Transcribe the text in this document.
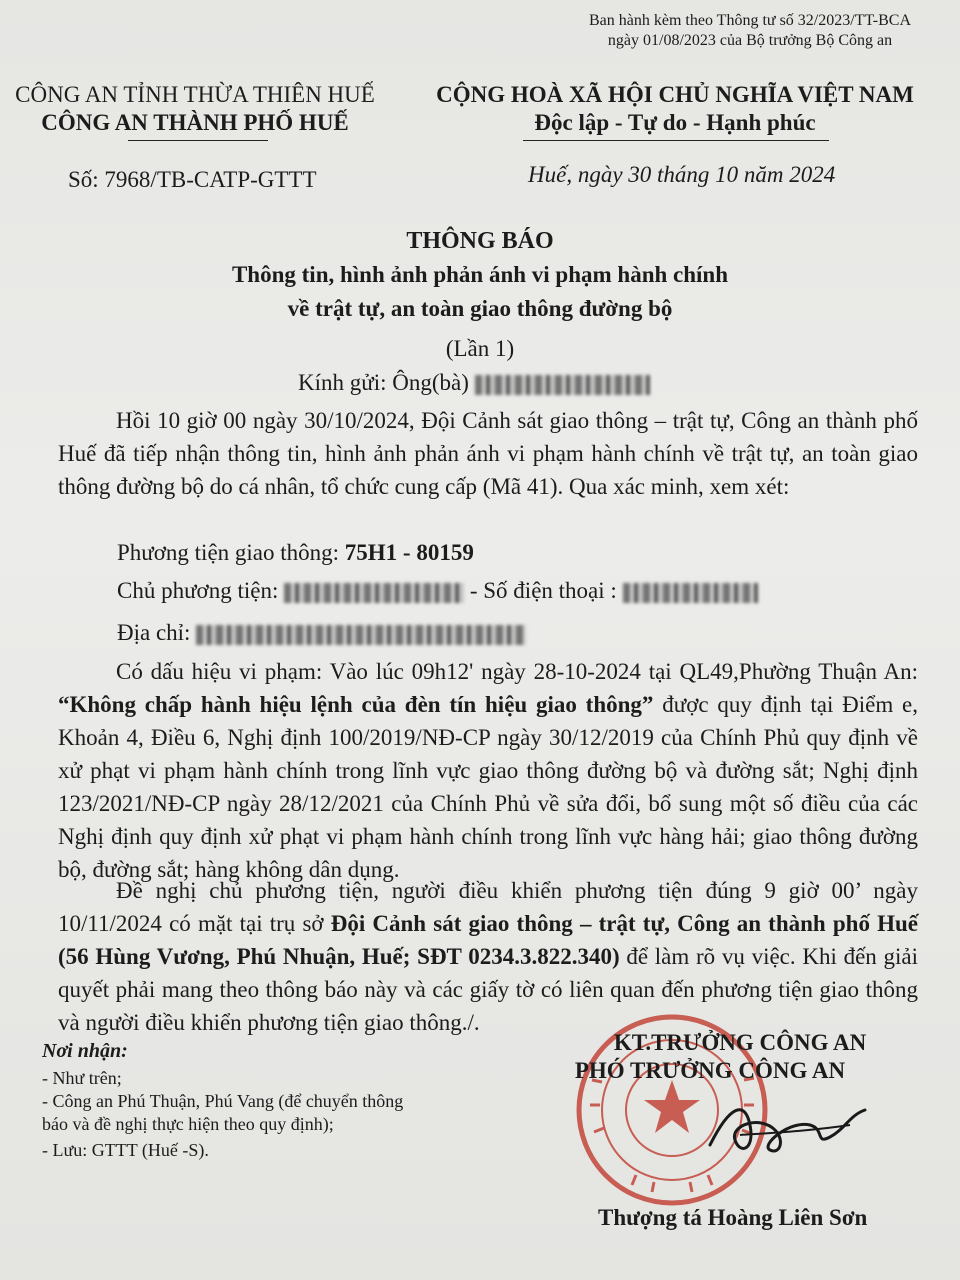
Ban hành kèm theo Thông tư số 32/2023/TT-BCA
ngày 01/08/2023 của Bộ trưởng Bộ Công an
CÔNG AN TỈNH THỪA THIÊN HUẾ
CÔNG AN THÀNH PHỐ HUẾ
Số: 7968/TB-CATP-GTTT
CỘNG HOÀ XÃ HỘI CHỦ NGHĨA VIỆT NAM
Độc lập - Tự do - Hạnh phúc
Huế, ngày 30 tháng 10 năm 2024
THÔNG BÁO
Thông tin, hình ảnh phản ánh vi phạm hành chính
về trật tự, an toàn giao thông đường bộ
(Lần 1)
Kính gửi: Ông(bà)
Hồi 10 giờ 00 ngày 30/10/2024, Đội Cảnh sát giao thông – trật tự, Công an thành phố Huế đã tiếp nhận thông tin, hình ảnh phản ánh vi phạm hành chính về trật tự, an toàn giao thông đường bộ do cá nhân, tổ chức cung cấp (Mã 41). Qua xác minh, xem xét:
Phương tiện giao thông: 75H1 - 80159
Chủ phương tiện:	- Số điện thoại :
Địa chỉ:
Có dấu hiệu vi phạm: Vào lúc 09h12' ngày 28-10-2024 tại QL49,Phường Thuận An: “Không chấp hành hiệu lệnh của đèn tín hiệu giao thông” được quy định tại Điểm e, Khoản 4, Điều 6, Nghị định 100/2019/NĐ-CP ngày 30/12/2019 của Chính Phủ quy định về xử phạt vi phạm hành chính trong lĩnh vực giao thông đường bộ và đường sắt; Nghị định 123/2021/NĐ-CP ngày 28/12/2021 của Chính Phủ về sửa đổi, bổ sung một số điều của các Nghị định quy định xử phạt vi phạm hành chính trong lĩnh vực hàng hải; giao thông đường bộ, đường sắt; hàng không dân dụng.
Đề nghị chủ phương tiện, người điều khiển phương tiện đúng 9 giờ 00’ ngày 10/11/2024 có mặt tại trụ sở Đội Cảnh sát giao thông – trật tự, Công an thành phố Huế (56 Hùng Vương, Phú Nhuận, Huế; SĐT 0234.3.822.340) để làm rõ vụ việc. Khi đến giải quyết phải mang theo thông báo này và các giấy tờ có liên quan đến phương tiện giao thông và người điều khiển phương tiện giao thông./.
Nơi nhận:
- Như trên;
- Công an Phú Thuận, Phú Vang (để chuyển thông
báo và đề nghị thực hiện theo quy định);
- Lưu: GTTT (Huế -S).
KT.TRƯỞNG CÔNG AN
PHÓ TRƯỞNG CÔNG AN
Thượng tá Hoàng Liên Sơn
